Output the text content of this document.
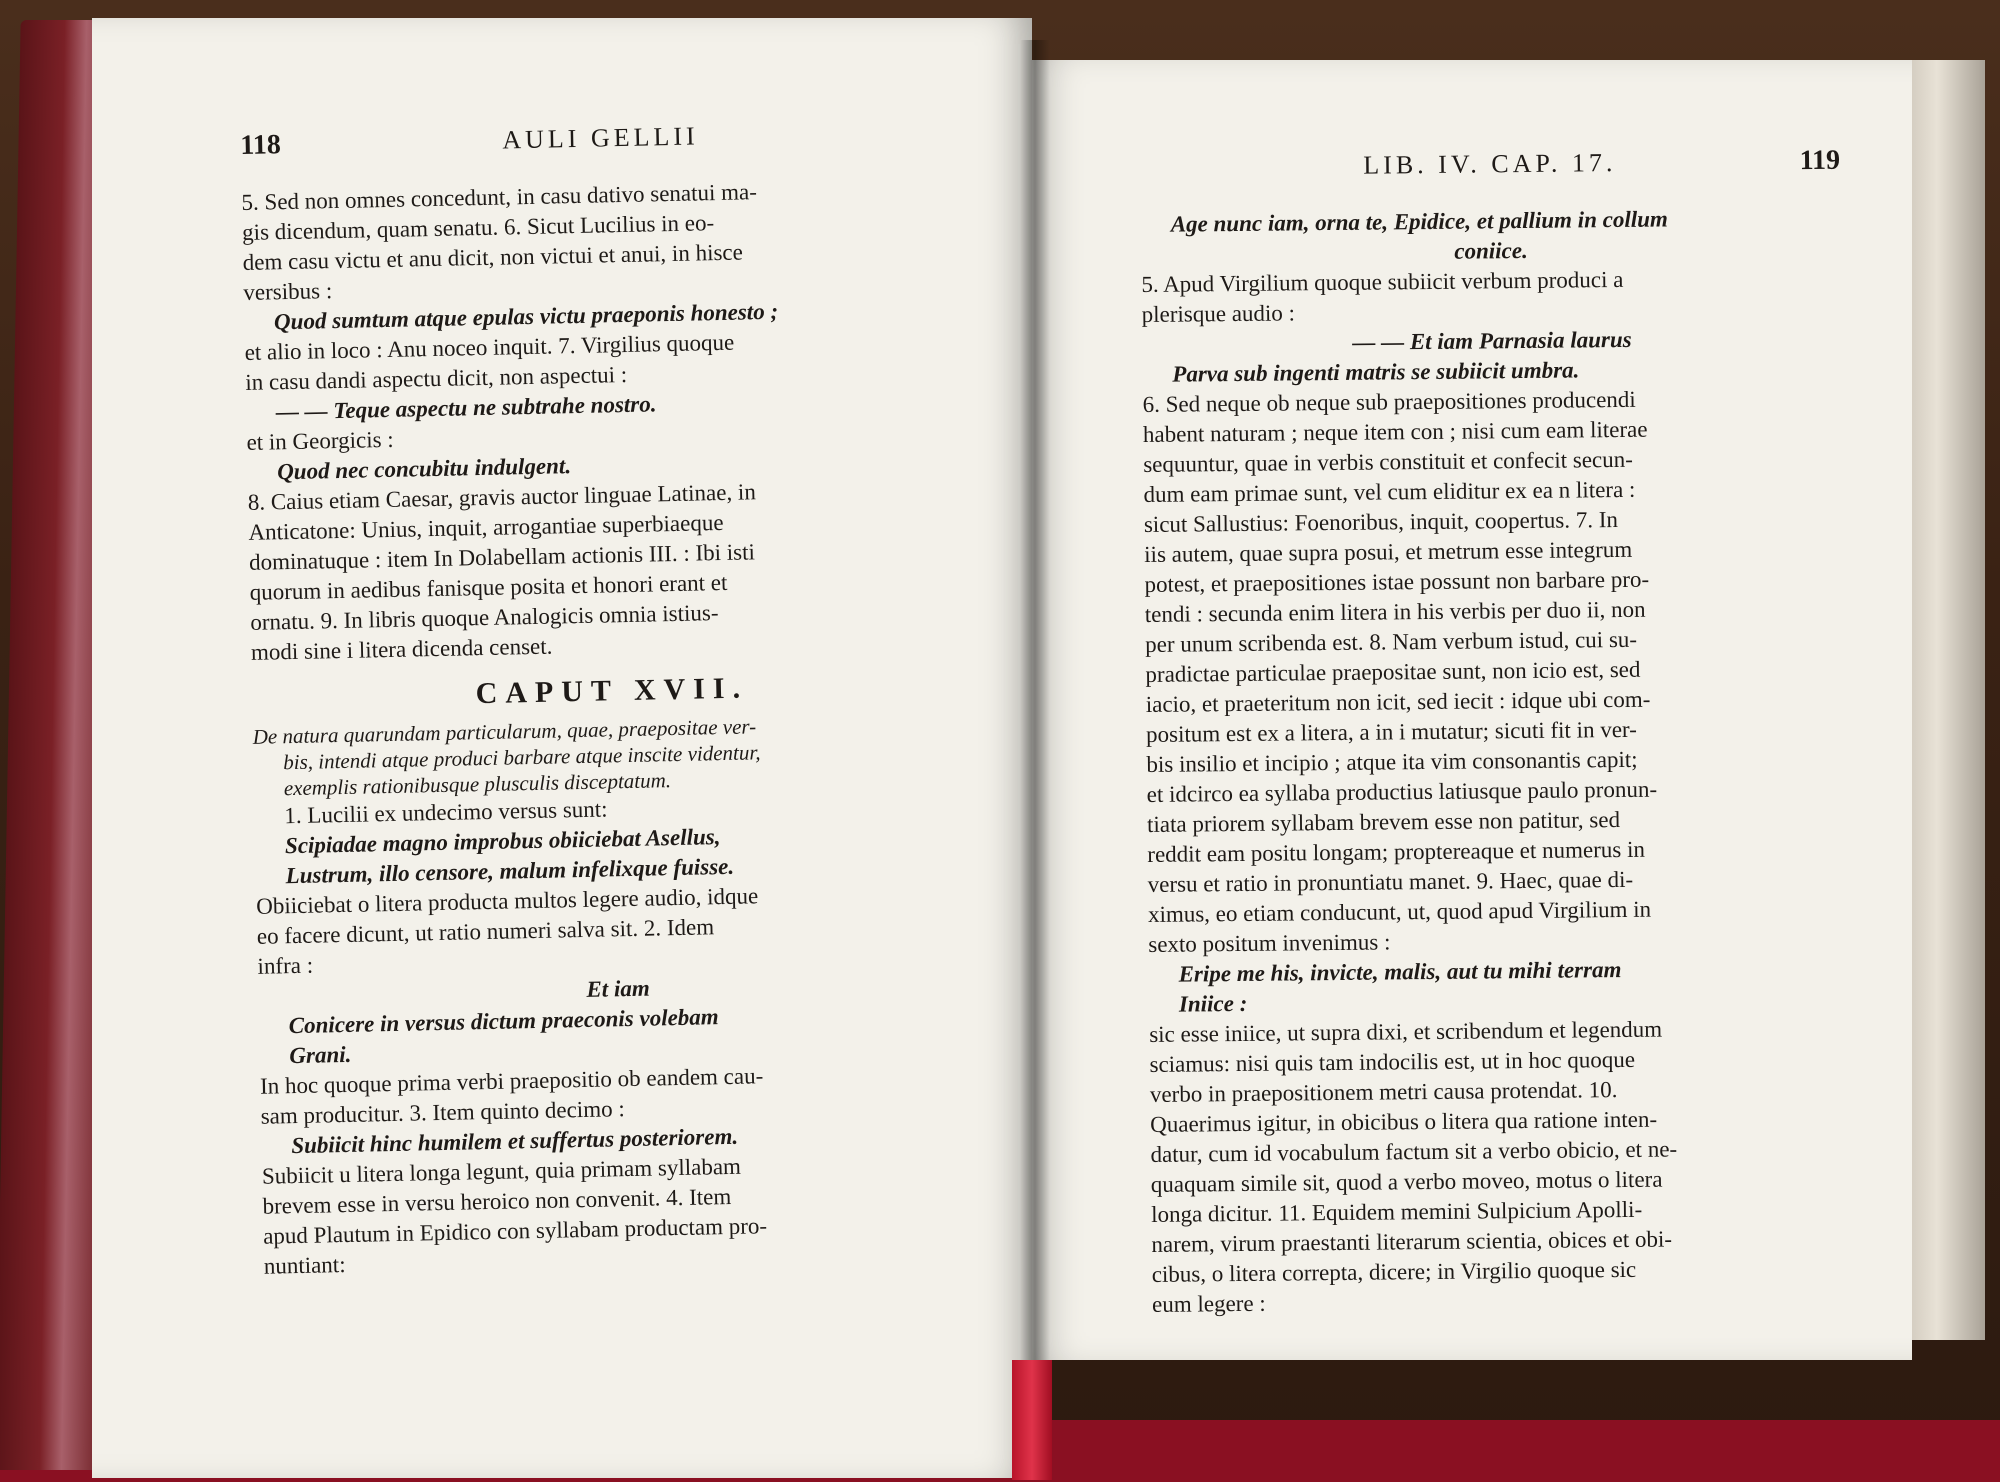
118	AULI GELLII
5. Sed non omnes concedunt, in casu dativo senatui ma-
gis dicendum, quam senatu. 6. Sicut Lucilius in eo-
dem casu victu et anu dicit, non victui et anui, in hisce
versibus :
Quod sumtum atque epulas victu praeponis honesto ;
et alio in loco : Anu noceo inquit. 7. Virgilius quoque
in casu dandi aspectu dicit, non aspectui :
— — Teque aspectu ne subtrahe nostro.
et in Georgicis :
Quod nec concubitu indulgent.
8. Caius etiam Caesar, gravis auctor linguae Latinae, in
Anticatone: Unius, inquit, arrogantiae superbiaeque
dominatuque : item In Dolabellam actionis III. : Ibi isti
quorum in aedibus fanisque posita et honori erant et
ornatu. 9. In libris quoque Analogicis omnia istius-
modi sine i litera dicenda censet.
CAPUT XVII.
De natura quarundam particularum, quae, praepositae ver-
bis, intendi atque produci barbare atque inscite videntur,
exemplis rationibusque plusculis disceptatum.
1. Lucilii ex undecimo versus sunt:
Scipiadae magno improbus obiiciebat Asellus,
Lustrum, illo censore, malum infelixque fuisse.
Obiiciebat o litera producta multos legere audio, idque
eo facere dicunt, ut ratio numeri salva sit. 2. Idem
infra :
Et iam
Conicere in versus dictum praeconis volebam
Grani.
In hoc quoque prima verbi praepositio ob eandem cau-
sam producitur. 3. Item quinto decimo :
Subiicit hinc humilem et suffertus posteriorem.
Subiicit u litera longa legunt, quia primam syllabam
brevem esse in versu heroico non convenit. 4. Item
apud Plautum in Epidico con syllabam productam pro-
nuntiant:
LIB. IV. CAP. 17.	119
Age nunc iam, orna te, Epidice, et pallium in collum
coniice.
5. Apud Virgilium quoque subiicit verbum produci a
plerisque audio :
— — Et iam Parnasia laurus
Parva sub ingenti matris se subiicit umbra.
6. Sed neque ob neque sub praepositiones producendi
habent naturam ; neque item con ; nisi cum eam literae
sequuntur, quae in verbis constituit et confecit secun-
dum eam primae sunt, vel cum eliditur ex ea n litera :
sicut Sallustius: Foenoribus, inquit, coopertus. 7. In
iis autem, quae supra posui, et metrum esse integrum
potest, et praepositiones istae possunt non barbare pro-
tendi : secunda enim litera in his verbis per duo ii, non
per unum scribenda est. 8. Nam verbum istud, cui su-
pradictae particulae praepositae sunt, non icio est, sed
iacio, et praeteritum non icit, sed iecit : idque ubi com-
positum est ex a litera, a in i mutatur; sicuti fit in ver-
bis insilio et incipio ; atque ita vim consonantis capit;
et idcirco ea syllaba productius latiusque paulo pronun-
tiata priorem syllabam brevem esse non patitur, sed
reddit eam positu longam; proptereaque et numerus in
versu et ratio in pronuntiatu manet. 9. Haec, quae di-
ximus, eo etiam conducunt, ut, quod apud Virgilium in
sexto positum invenimus :
Eripe me his, invicte, malis, aut tu mihi terram
Iniice :
sic esse iniice, ut supra dixi, et scribendum et legendum
sciamus: nisi quis tam indocilis est, ut in hoc quoque
verbo in praepositionem metri causa protendat. 10.
Quaerimus igitur, in obicibus o litera qua ratione inten-
datur, cum id vocabulum factum sit a verbo obicio, et ne-
quaquam simile sit, quod a verbo moveo, motus o litera
longa dicitur. 11. Equidem memini Sulpicium Apolli-
narem, virum praestanti literarum scientia, obices et obi-
cibus, o litera correpta, dicere; in Virgilio quoque sic
eum legere :
